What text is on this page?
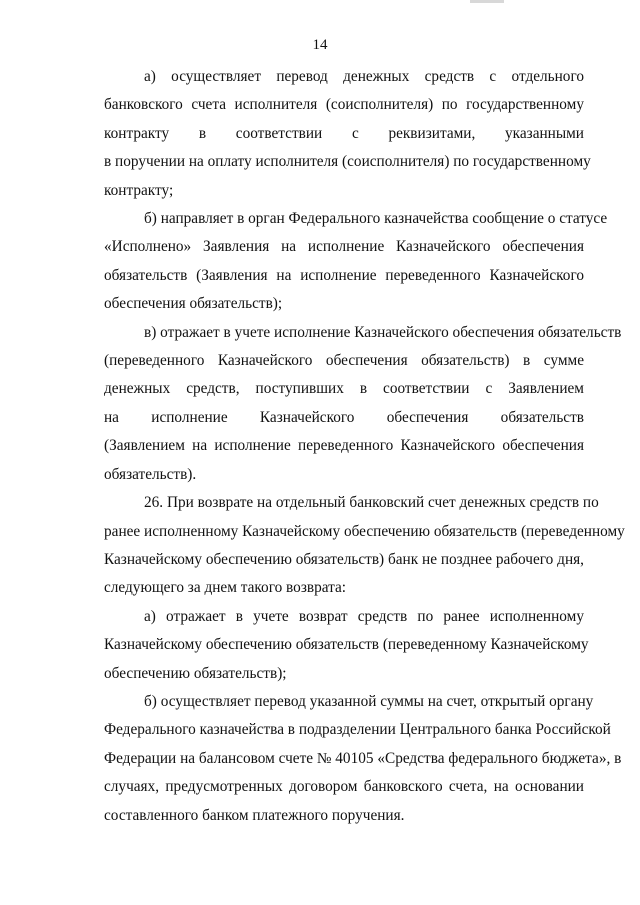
14
а) осуществляет перевод денежных средств с отдельного
банковского счета исполнителя (соисполнителя) по государственному
контракту в соответствии с реквизитами, указанными
в поручении на оплату исполнителя (соисполнителя) по государственному
контракту;
б) направляет в орган Федерального казначейства сообщение о статусе
«Исполнено» Заявления на исполнение Казначейского обеспечения
обязательств (Заявления на исполнение переведенного Казначейского
обеспечения обязательств);
в) отражает в учете исполнение Казначейского обеспечения обязательств
(переведенного Казначейского обеспечения обязательств) в сумме
денежных средств, поступивших в соответствии с Заявлением
на исполнение Казначейского обеспечения обязательств
(Заявлением на исполнение переведенного Казначейского обеспечения
обязательств).
26. При возврате на отдельный банковский счет денежных средств по
ранее исполненному Казначейскому обеспечению обязательств (переведенному
Казначейскому обеспечению обязательств) банк не позднее рабочего дня,
следующего за днем такого возврата:
а) отражает в учете возврат средств по ранее исполненному
Казначейскому обеспечению обязательств (переведенному Казначейскому
обеспечению обязательств);
б) осуществляет перевод указанной суммы на счет, открытый органу
Федерального казначейства в подразделении Центрального банка Российской
Федерации на балансовом счете № 40105 «Средства федерального бюджета», в
случаях, предусмотренных договором банковского счета, на основании
составленного банком платежного поручения.
